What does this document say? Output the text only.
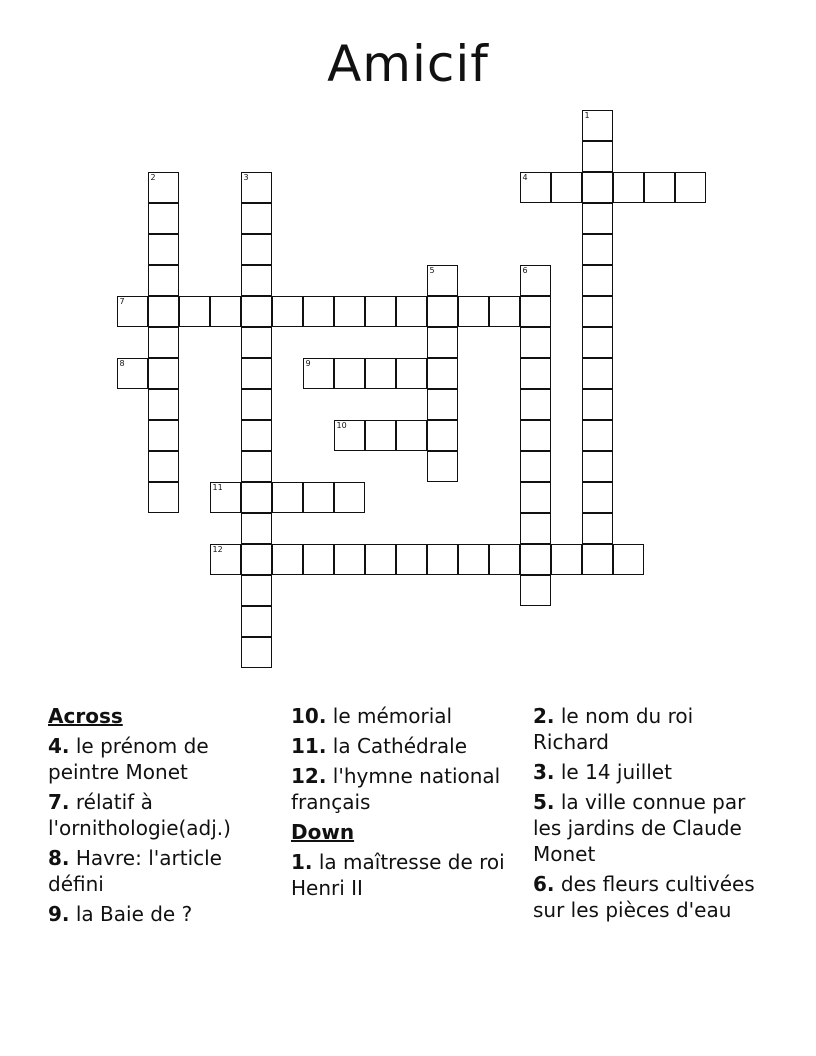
Amicif
1
2	3	4
5	6
7
8	9
10
11
12
Across
4. le prénom de peintre Monet
7. rélatif à l'ornithologie(adj.)
8. Havre: l'article défini
9. la Baie de ?
10. le mémorial
11. la Cathédrale
12. l'hymne national français
Down
1. la maîtresse de roi Henri II
2. le nom du roi Richard
3. le 14 juillet
5. la ville connue par les jardins de Claude Monet
6. des fleurs cultivées sur les pièces d'eau
